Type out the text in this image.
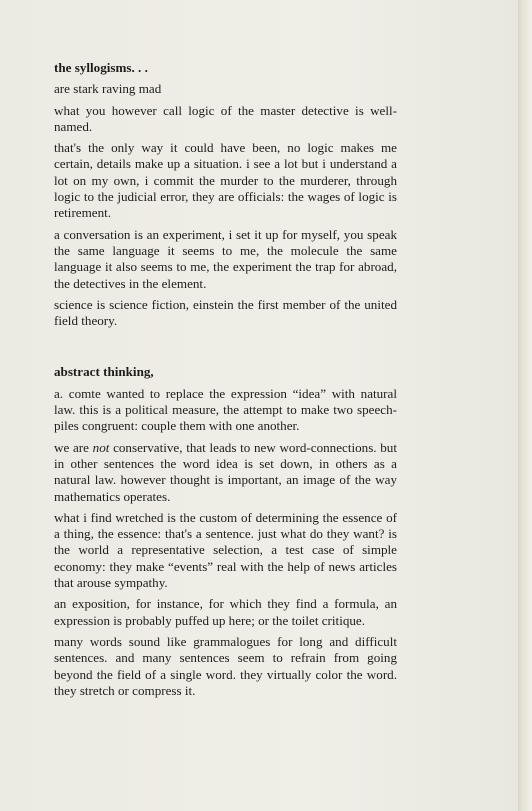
the syllogisms. . .

are stark raving mad

what you however call logic of the master detective is well-named.

that's the only way it could have been, no logic makes me certain, details make up a situation. i see a lot but i understand a lot on my own, i commit the murder to the murderer, through logic to the judicial error, they are officials: the wages of logic is retirement.

a conversation is an experiment, i set it up for myself, you speak the same language it seems to me, the molecule the same language it also seems to me, the experiment the trap for abroad, the detectives in the element.

science is science fiction, einstein the first member of the united field theory.

abstract thinking,

a. comte wanted to replace the expression “idea” with natural law. this is a political measure, the attempt to make two speech-piles congruent: couple them with one another.

we are not conservative, that leads to new word-connections. but in other sentences the word idea is set down, in others as a natural law. however thought is important, an image of the way mathematics operates.

what i find wretched is the custom of determining the essence of a thing, the essence: that's a sentence. just what do they want? is the world a representative selection, a test case of simple economy: they make “events” real with the help of news articles that arouse sympathy.

an exposition, for instance, for which they find a formula, an expression is probably puffed up here; or the toilet critique.

many words sound like grammalogues for long and difficult sentences. and many sentences seem to refrain from going beyond the field of a single word. they virtually color the word. they stretch or compress it.
